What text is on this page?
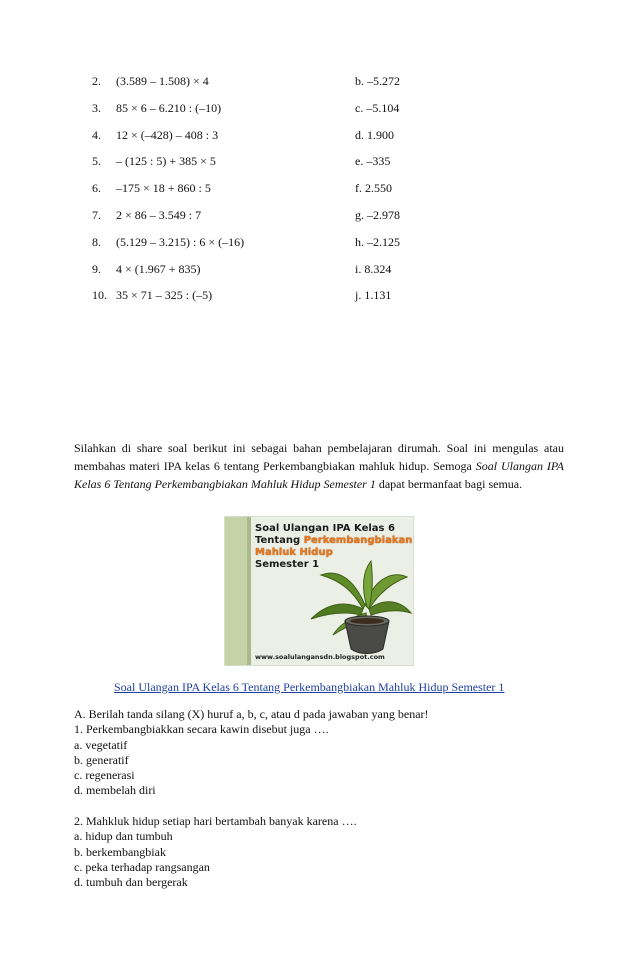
2.	(3.589 – 1.508) × 4	b. –5.272
3.	85 × 6 – 6.210 : (–10)	c. –5.104
4.	12 × (–428) – 408 : 3	d. 1.900
5.	– (125 : 5) + 385 × 5	e. –335
6.	–175 × 18 + 860 : 5	f. 2.550
7.	2 × 86 – 3.549 : 7	g. –2.978
8.	(5.129 – 3.215) : 6 × (–16)	h. –2.125
9.	4 × (1.967 + 835)	i. 8.324
10. 35 × 71 – 325 : (–5)	j. 1.131

Silahkan di share soal berikut ini sebagai bahan pembelajaran dirumah. Soal ini mengulas atau membahas materi IPA kelas 6 tentang Perkembangbiakan mahluk hidup. Semoga Soal Ulangan IPA Kelas 6 Tentang Perkembangbiakan Mahluk Hidup Semester 1 dapat bermanfaat bagi semua.

Soal Ulangan IPA Kelas 6
Tentang Perkembangbiakan
Mahluk Hidup
Semester 1
www.soalulangansdn.blogspot.com
Soal Ulangan IPA Kelas 6 Tentang Perkembangbiakan Mahluk Hidup Semester 1
A. Berilah tanda silang (X) huruf a, b, c, atau d pada jawaban yang benar!
1. Perkembangbiakkan secara kawin disebut juga ….
a. vegetatif
b. generatif
c. regenerasi
d. membelah diri
2. Mahkluk hidup setiap hari bertambah banyak karena ….
a. hidup dan tumbuh
b. berkembangbiak
c. peka terhadap rangsangan
d. tumbuh dan bergerak
